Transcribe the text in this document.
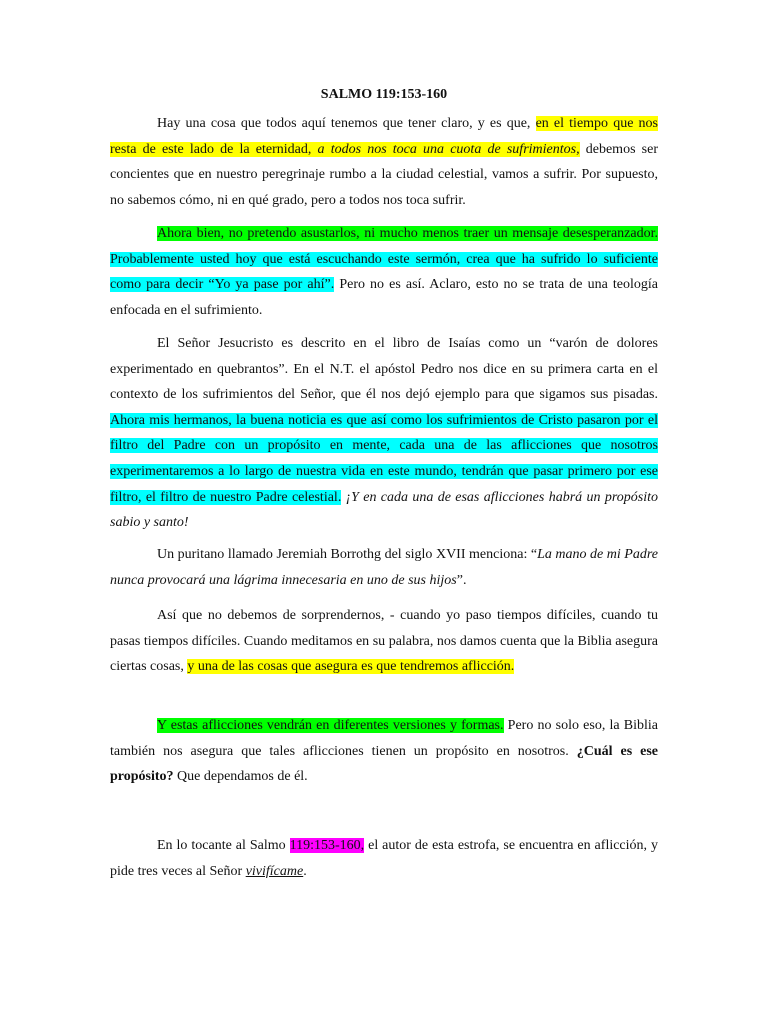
SALMO 119:153-160

Hay una cosa que todos aquí tenemos que tener claro, y es que, en el tiempo que nos resta de este lado de la eternidad, a todos nos toca una cuota de sufrimientos, debemos ser concientes que en nuestro peregrinaje rumbo a la ciudad celestial, vamos a sufrir. Por supuesto, no sabemos cómo, ni en qué grado, pero a todos nos toca sufrir.

Ahora bien, no pretendo asustarlos, ni mucho menos traer un mensaje desesperanzador. Probablemente usted hoy que está escuchando este sermón, crea que ha sufrido lo suficiente como para decir “Yo ya pase por ahí”. Pero no es así. Aclaro, esto no se trata de una teología enfocada en el sufrimiento.

El Señor Jesucristo es descrito en el libro de Isaías como un “varón de dolores experimentado en quebrantos”. En el N.T. el apóstol Pedro nos dice en su primera carta en el contexto de los sufrimientos del Señor, que él nos dejó ejemplo para que sigamos sus pisadas. Ahora mis hermanos, la buena noticia es que así como los sufrimientos de Cristo pasaron por el filtro del Padre con un propósito en mente, cada una de las aflicciones que nosotros experimentaremos a lo largo de nuestra vida en este mundo, tendrán que pasar primero por ese filtro, el filtro de nuestro Padre celestial. ¡Y en cada una de esas aflicciones habrá un propósito sabio y santo!

Un puritano llamado Jeremiah Borrothg del siglo XVII menciona: “La mano de mi Padre nunca provocará una lágrima innecesaria en uno de sus hijos”.

Así que no debemos de sorprendernos, - cuando yo paso tiempos difíciles, cuando tu pasas tiempos difíciles. Cuando meditamos en su palabra, nos damos cuenta que la Biblia asegura ciertas cosas, y una de las cosas que asegura es que tendremos aflicción.

Y estas aflicciones vendrán en diferentes versiones y formas. Pero no solo eso, la Biblia también nos asegura que tales aflicciones tienen un propósito en nosotros. ¿Cuál es ese propósito? Que dependamos de él.

En lo tocante al Salmo 119:153-160, el autor de esta estrofa, se encuentra en aflicción, y pide tres veces al Señor vivifícame.
